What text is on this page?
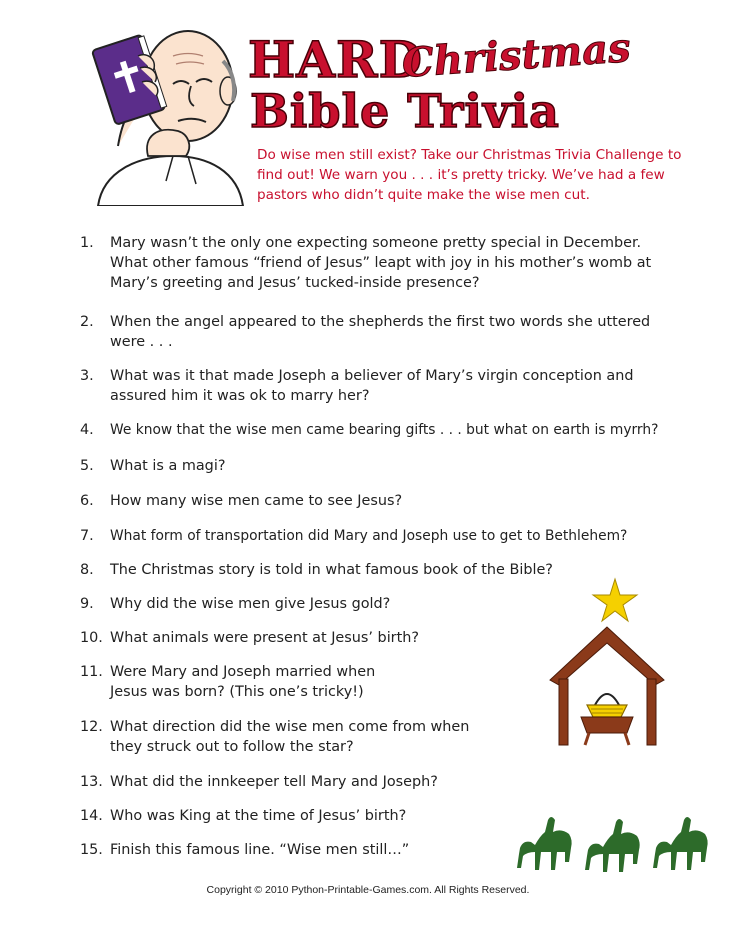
HARD
Christmas
Bible Trivia
Do wise men still exist? Take our Christmas Trivia Challenge to find out! We warn you . . . it’s pretty tricky. We’ve had a few pastors who didn’t quite make the wise men cut.
1.	Mary wasn’t the only one expecting someone pretty special in December. What other famous “friend of Jesus” leapt with joy in his mother’s womb at Mary’s greeting and Jesus’ tucked-inside presence?
2.	When the angel appeared to the shepherds the first two words she uttered were . . .
3.	What was it that made Joseph a believer of Mary’s virgin conception and assured him it was ok to marry her?
4.	We know that the wise men came bearing gifts . . . but what on earth is myrrh?
5.	What is a magi?
6.	How many wise men came to see Jesus?
7.	What form of transportation did Mary and Joseph use to get to Bethlehem?
8.	The Christmas story is told in what famous book of the Bible?
9.	Why did the wise men give Jesus gold?
10. What animals were present at Jesus’ birth?
11. Were Mary and Joseph married when Jesus was born? (This one’s tricky!)
12. What direction did the wise men come from when they struck out to follow the star?
13. What did the innkeeper tell Mary and Joseph?
14. Who was King at the time of Jesus’ birth?
15. Finish this famous line. “Wise men still…”
Copyright © 2010 Python-Printable-Games.com. All Rights Reserved.
